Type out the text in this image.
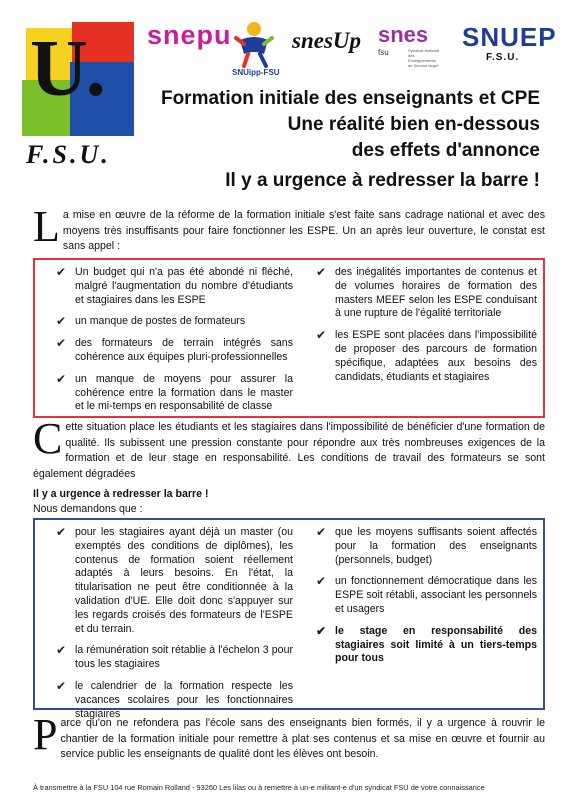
U.
F.S.U.
snepu
SNUipp-FSU
snesUp snes
fsu	Syndicat National des Enseignements de Second degré
SNUEP
F.S.U.
Formation initiale des enseignants et CPE
Une réalité bien en-dessous
des effets d'annonce
Il y a urgence à redresser la barre !
La mise en œuvre de la réforme de la formation initiale s'est faite sans cadrage national et avec des moyens très insuffisants pour faire fonctionner les ESPE. Un an après leur ouverture, le constat est sans appel :
✔ Un budget qui n'a pas été abondé ni fléché, malgré l'augmentation du nombre d'étudiants et stagiaires dans les ESPE
✔ un manque de postes de formateurs
✔ des formateurs de terrain intégrés sans cohérence aux équipes pluri-professionnelles
✔ un manque de moyens pour assurer la cohérence entre la formation dans le master et le mi-temps en responsabilité de classe
✔ des inégalités importantes de contenus et de volumes horaires de formation des masters MEEF selon les ESPE conduisant à une rupture de l'égalité territoriale
✔ les ESPE sont placées dans l'impossibilité de proposer des parcours de formation spécifique, adaptées aux besoins des candidats, étudiants et stagiaires
Cette situation place les étudiants et les stagiaires dans l'impossibilité de bénéficier d'une formation de qualité. Ils subissent une pression constante pour répondre aux très nombreuses exigences de la formation et de leur stage en responsabilité. Les conditions de travail des formateurs se sont également dégradées
Il y a urgence à redresser la barre !
Nous demandons que :
✔ pour les stagiaires ayant déjà un master (ou exemptés des conditions de diplômes), les contenus de formation soient réellement adaptés à leurs besoins. En l'état, la titularisation ne peut être conditionnée à la validation d'UE. Elle doit donc s'appuyer sur les regards croisés des formateurs de l'ESPE et du terrain.
✔ la rémunération soit rétablie à l'échelon 3 pour tous les stagiaires
✔ le calendrier de la formation respecte les vacances scolaires pour les fonctionnaires stagiaires
✔ que les moyens suffisants soient affectés pour la formation des enseignants (personnels, budget)
✔ un fonctionnement démocratique dans les ESPE soit rétabli, associant les personnels et usagers
✔ le stage en responsabilité des stagiaires soit limité à un tiers-temps pour tous
Parce qu'on ne refondera pas l'école sans des enseignants bien formés, il y a urgence à rouvrir le chantier de la formation initiale pour remettre à plat ses contenus et sa mise en œuvre et fournir au service public les enseignants de qualité dont les élèves ont besoin.
À transmettre à la FSU 104 rue Romain Rolland - 93260 Les lilas ou à remettre à un-e militant-e d'un syndicat FSU de votre connaissance
